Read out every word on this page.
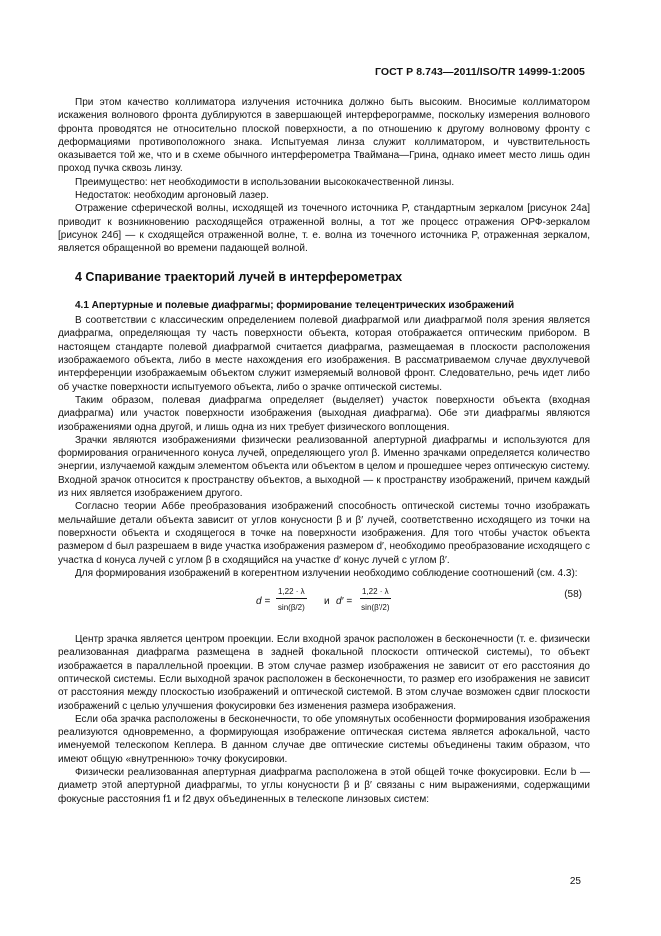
ГОСТ Р 8.743—2011/ISO/TR 14999-1:2005

При этом качество коллиматора излучения источника должно быть высоким. Вносимые коллиматором искажения волнового фронта дублируются в завершающей интерферограмме, поскольку измерения волнового фронта проводятся не относительно плоской поверхности, а по отношению к другому волновому фронту с деформациями противоположного знака. Испытуемая линза служит коллиматором, и чувствительность оказывается той же, что и в схеме обычного интерферометра Тваймана—Грина, однако имеет место лишь один проход пучка сквозь линзу.

Преимущество: нет необходимости в использовании высококачественной линзы.

Недостаток: необходим аргоновый лазер.

Отражение сферической волны, исходящей из точечного источника P, стандартным зеркалом [рисунок 24а] приводит к возникновению расходящейся отраженной волны, а тот же процесс отражения ОРФ-зеркалом [рисунок 24б] — к сходящейся отраженной волне, т. е. волна из точечного источника P, отраженная зеркалом, является обращенной во времени падающей волной.

4 Спаривание траекторий лучей в интерферометрах
4.1 Апертурные и полевые диафрагмы; формирование телецентрических изображений

В соответствии с классическим определением полевой диафрагмой или диафрагмой поля зрения является диафрагма, определяющая ту часть поверхности объекта, которая отображается оптическим прибором. В настоящем стандарте полевой диафрагмой считается диафрагма, размещаемая в плоскости расположения изображаемого объекта, либо в месте нахождения его изображения. В рассматриваемом случае двухлучевой интерференции изображаемым объектом служит измеряемый волновой фронт. Следовательно, речь идет либо об участке поверхности испытуемого объекта, либо о зрачке оптической системы.

Таким образом, полевая диафрагма определяет (выделяет) участок поверхности объекта (входная диафрагма) или участок поверхности изображения (выходная диафрагма). Обе эти диафрагмы являются изображениями одна другой, и лишь одна из них требует физического воплощения.

Зрачки являются изображениями физически реализованной апертурной диафрагмы и используются для формирования ограниченного конуса лучей, определяющего угол β. Именно зрачками определяется количество энергии, излучаемой каждым элементом объекта или объектом в целом и прошедшее через оптическую систему. Входной зрачок относится к пространству объектов, а выходной — к пространству изображений, причем каждый из них является изображением другого.

Согласно теории Аббе преобразования изображений способность оптической системы точно изображать мельчайшие детали объекта зависит от углов конусности β и β′ лучей, соответственно исходящего из точки на поверхности объекта и сходящегося в точке на поверхности изображения. Для того чтобы участок объекта размером d был разрешаем в виде участка изображения размером d′, необходимо преобразование исходящего с участка d конуса лучей с углом β в сходящийся на участке d′ конус лучей с углом β′.

Для формирования изображений в когерентном излучении необходимо соблюдение соотношений (см. 4.3):

$d = \frac{1,22 \cdot \lambda}{\sin(\beta/2)}$ и $d' = \frac{1,22 \cdot \lambda}{\sin(\beta'/2)}$	(58)

Центр зрачка является центром проекции. Если входной зрачок расположен в бесконечности (т. е. физически реализованная диафрагма размещена в задней фокальной плоскости оптической системы), то объект изображается в параллельной проекции. В этом случае размер изображения не зависит от его расстояния до оптической системы. Если выходной зрачок расположен в бесконечности, то размер его изображения не зависит от расстояния между плоскостью изображений и оптической системой. В этом случае возможен сдвиг плоскости изображений с целью улучшения фокусировки без изменения размера изображения.

Если оба зрачка расположены в бесконечности, то обе упомянутых особенности формирования изображения реализуются одновременно, а формирующая изображение оптическая система является афокальной, часто именуемой телескопом Кеплера. В данном случае две оптические системы объединены таким образом, что имеют общую «внутреннюю» точку фокусировки.

Физически реализованная апертурная диафрагма расположена в этой общей точке фокусировки. Если b — диаметр этой апертурной диафрагмы, то углы конусности β и β′ связаны с ним выражениями, содержащими фокусные расстояния f1 и f2 двух объединенных в телескопе линзовых систем:

25
